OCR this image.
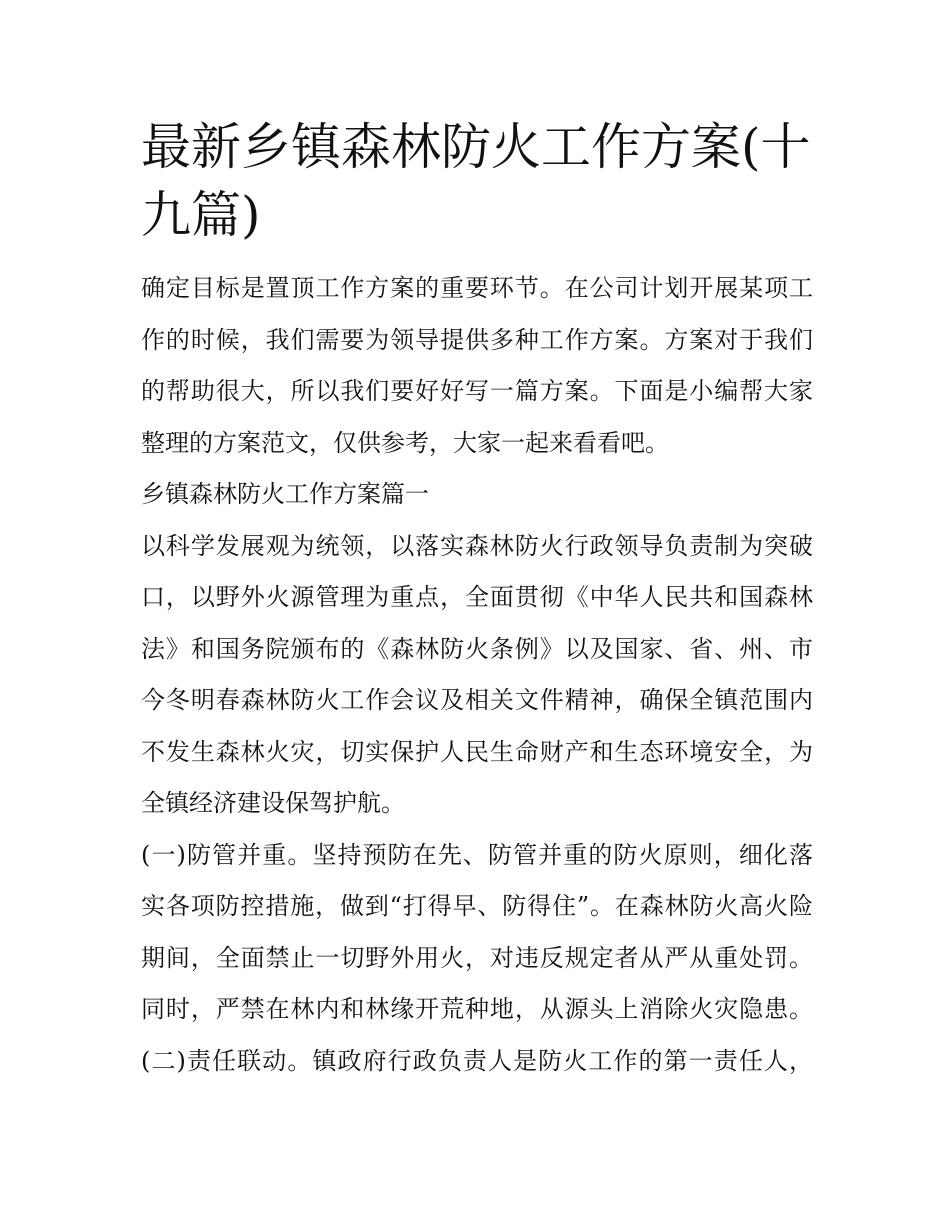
最新乡镇森林防火工作方案(十
九篇)
确定目标是置顶工作方案的重要环节。在公司计划开展某项工
作的时候，我们需要为领导提供多种工作方案。方案对于我们
的帮助很大，所以我们要好好写一篇方案。下面是小编帮大家
整理的方案范文，仅供参考，大家一起来看看吧。
乡镇森林防火工作方案篇一
以科学发展观为统领，以落实森林防火行政领导负责制为突破
口，以野外火源管理为重点，全面贯彻《中华人民共和国森林
法》和国务院颁布的《森林防火条例》以及国家、省、州、市
今冬明春森林防火工作会议及相关文件精神，确保全镇范围内
不发生森林火灾，切实保护人民生命财产和生态环境安全，为
全镇经济建设保驾护航。
(一)防管并重。坚持预防在先、防管并重的防火原则，细化落
实各项防控措施，做到“打得早、防得住”。在森林防火高火险
期间，全面禁止一切野外用火，对违反规定者从严从重处罚。
同时，严禁在林内和林缘开荒种地，从源头上消除火灾隐患。
(二)责任联动。镇政府行政负责人是防火工作的第一责任人，
